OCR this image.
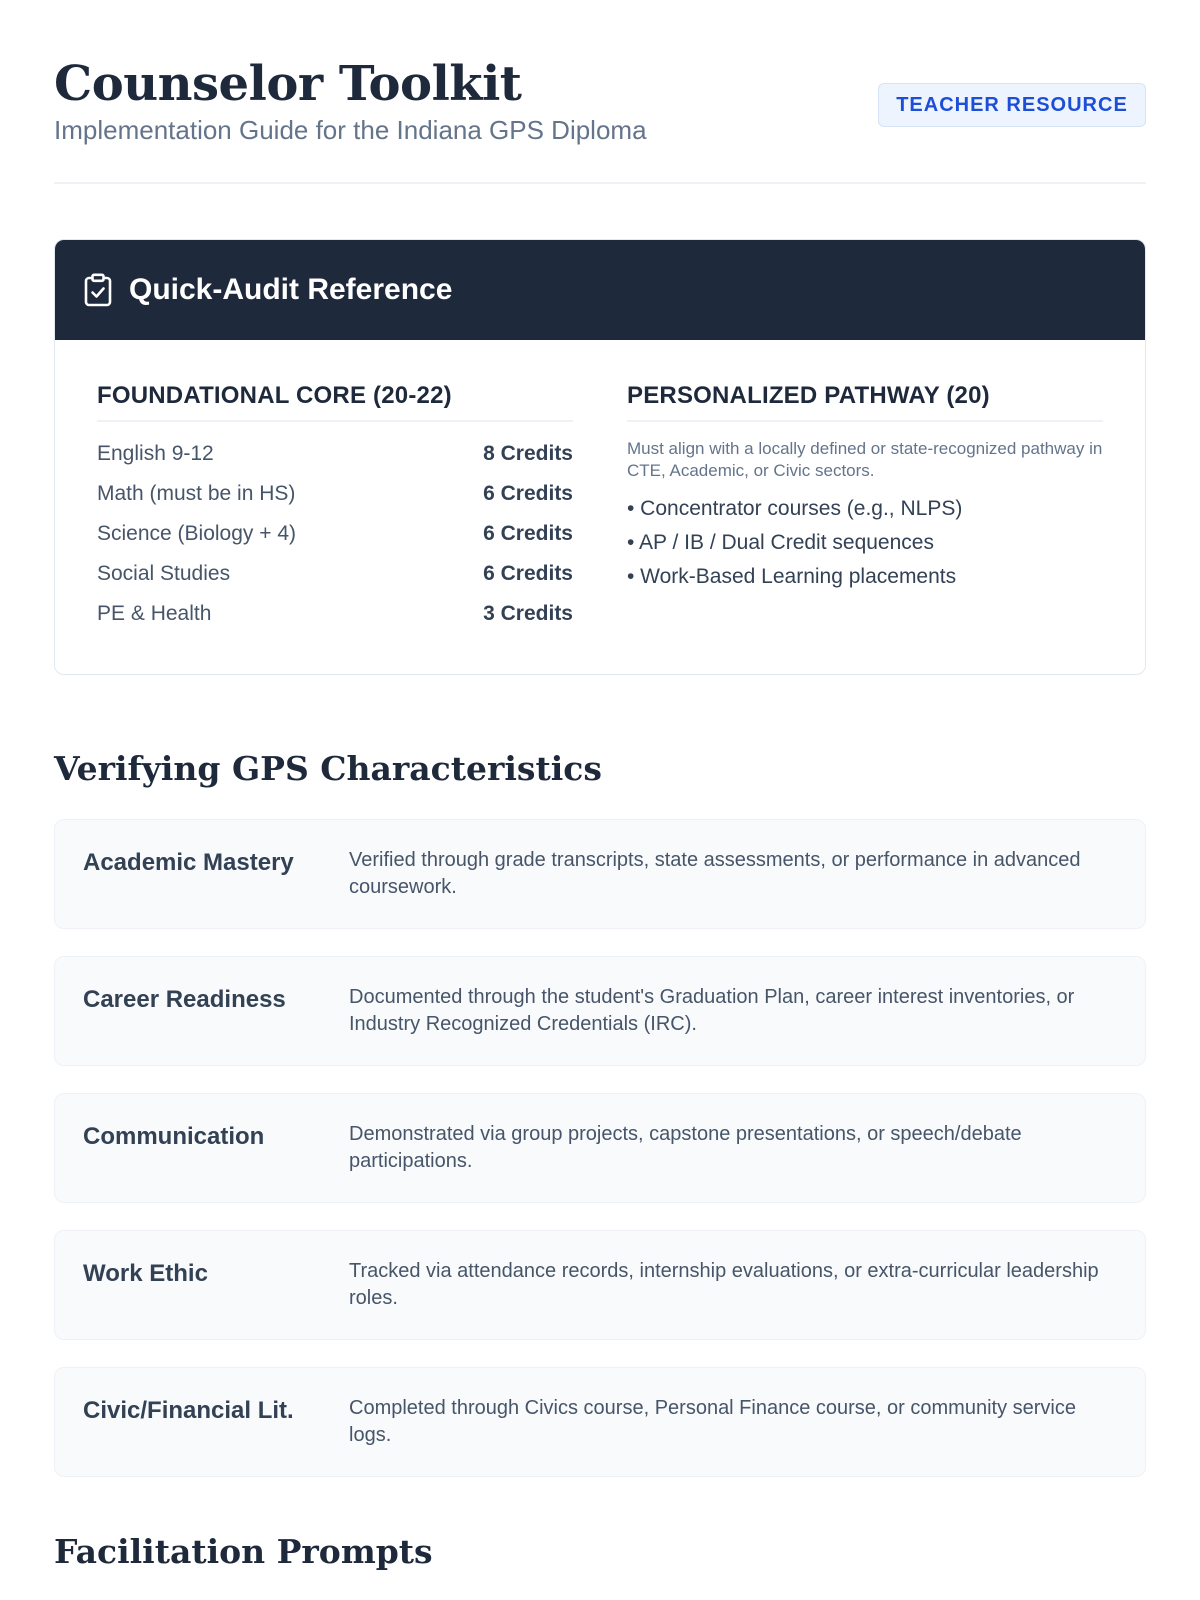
Counselor Toolkit
Implementation Guide for the Indiana GPS Diploma
TEACHER RESOURCE
Quick-Audit Reference
FOUNDATIONAL CORE (20-22)
English 9-12	8 Credits
Math (must be in HS)	6 Credits
Science (Biology + 4)	6 Credits
Social Studies	6 Credits
PE & Health	3 Credits
PERSONALIZED PATHWAY (20)

Must align with a locally defined or state-recognized pathway in CTE, Academic, or Civic sectors.

• Concentrator courses (e.g., NLPS)
• AP / IB / Dual Credit sequences
• Work-Based Learning placements
Verifying GPS Characteristics
Academic Mastery	Verified through grade transcripts, state assessments, or performance in advanced coursework.
Career Readiness	Documented through the student's Graduation Plan, career interest inventories, or Industry Recognized Credentials (IRC).
Communication	Demonstrated via group projects, capstone presentations, or speech/debate participations.
Work Ethic	Tracked via attendance records, internship evaluations, or extra-curricular leadership roles.
Civic/Financial Lit.	Completed through Civics course, Personal Finance course, or community service logs.
Facilitation Prompts
